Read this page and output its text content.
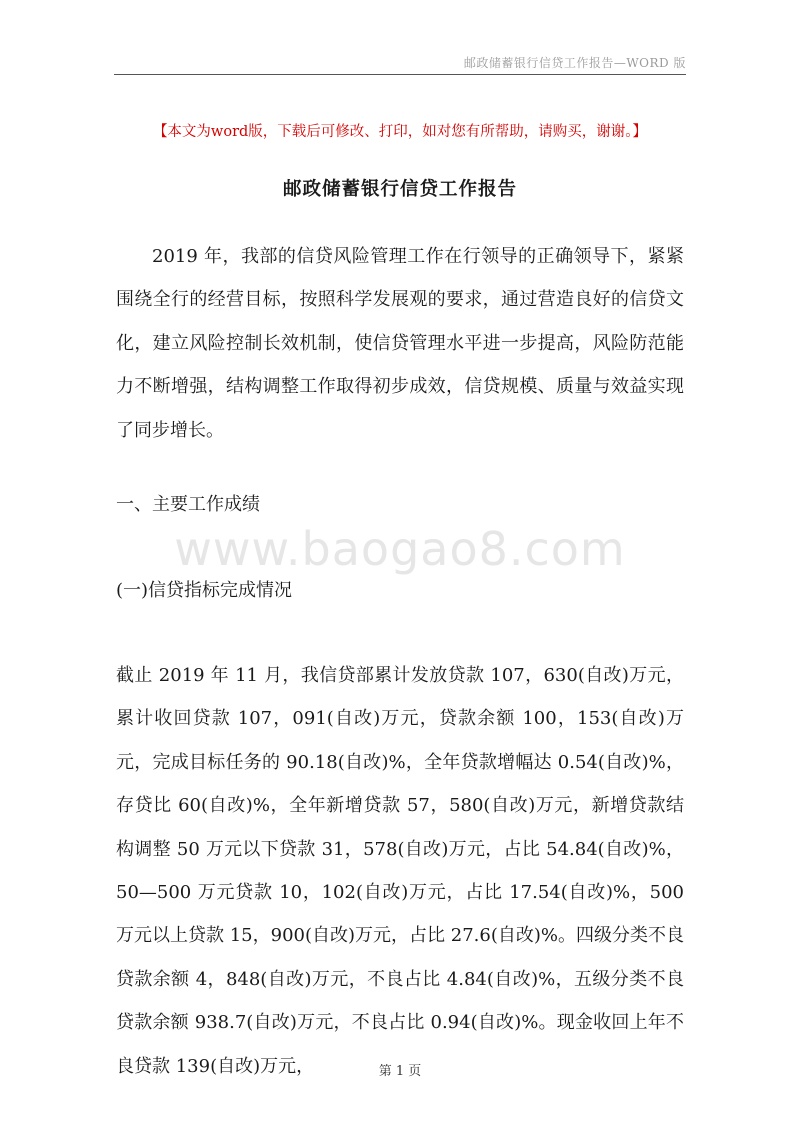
邮政储蓄银行信贷工作报告—WORD 版
【本文为word版，下载后可修改、打印，如对您有所帮助，请购买，谢谢。】
邮政储蓄银行信贷工作报告

2019 年，我部的信贷风险管理工作在行领导的正确领导下，紧紧围绕全行的经营目标，按照科学发展观的要求，通过营造良好的信贷文化，建立风险控制长效机制，使信贷管理水平进一步提高，风险防范能力不断增强，结构调整工作取得初步成效，信贷规模、质量与效益实现了同步增长。

一、主要工作成绩

www.baogao8.com

(一)信贷指标完成情况

截止 2019 年 11 月，我信贷部累计发放贷款 107，630(自改)万元，累计收回贷款 107，091(自改)万元，贷款余额 100，153(自改)万元，完成目标任务的 90.18(自改)%，全年贷款增幅达 0.54(自改)%，存贷比 60(自改)%，全年新增贷款 57，580(自改)万元，新增贷款结构调整 50 万元以下贷款 31，578(自改)万元，占比 54.84(自改)%，50—500 万元贷款 10，102(自改)万元，占比 17.54(自改)%，500 万元以上贷款 15，900(自改)万元，占比 27.6(自改)%。四级分类不良贷款余额 4，848(自改)万元，不良占比 4.84(自改)%，五级分类不良贷款余额 938.7(自改)万元，不良占比 0.94(自改)%。现金收回上年不良贷款 139(自改)万元，	第 1 页
